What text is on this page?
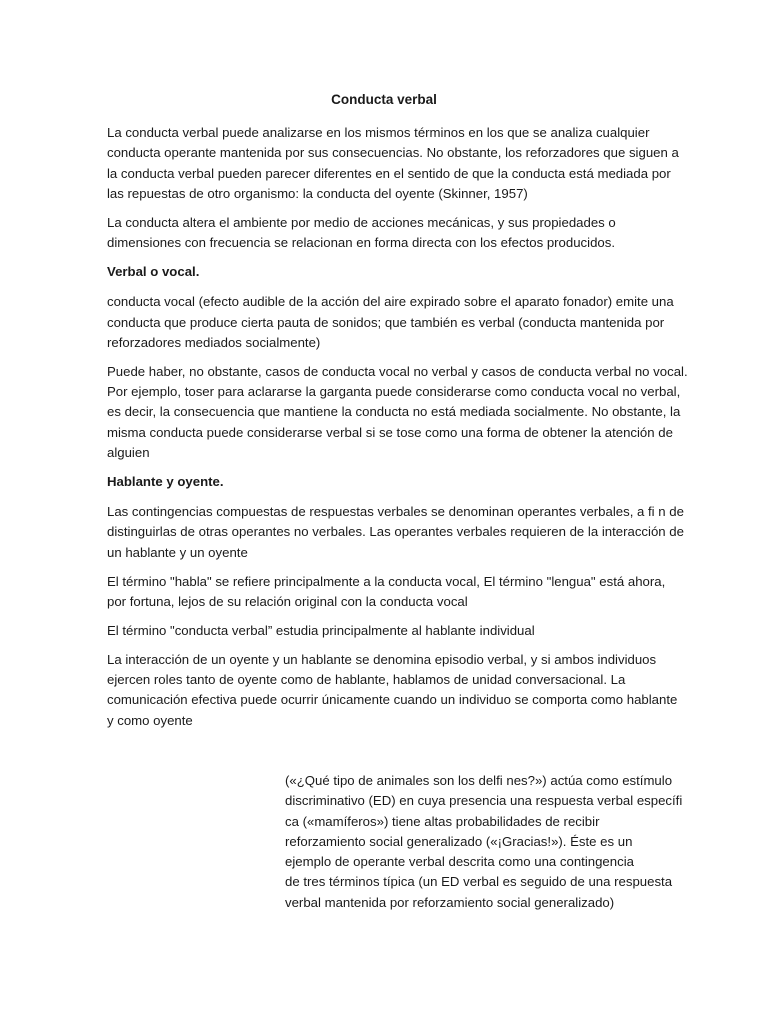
Conducta verbal

La conducta verbal puede analizarse en los mismos términos en los que se analiza cualquier
conducta operante mantenida por sus consecuencias. No obstante, los reforzadores que siguen a
la conducta verbal pueden parecer diferentes en el sentido de que la conducta está mediada por
las repuestas de otro organismo: la conducta del oyente (Skinner, 1957)

La conducta altera el ambiente por medio de acciones mecánicas, y sus propiedades o
dimensiones con frecuencia se relacionan en forma directa con los efectos producidos.

Verbal o vocal.

conducta vocal (efecto audible de la acción del aire expirado sobre el aparato fonador) emite una
conducta que produce cierta pauta de sonidos; que también es verbal (conducta mantenida por
reforzadores mediados socialmente)

Puede haber, no obstante, casos de conducta vocal no verbal y casos de conducta verbal no vocal.
Por ejemplo, toser para aclararse la garganta puede considerarse como conducta vocal no verbal,
es decir, la consecuencia que mantiene la conducta no está mediada socialmente. No obstante, la
misma conducta puede considerarse verbal si se tose como una forma de obtener la atención de
alguien

Hablante y oyente.

Las contingencias compuestas de respuestas verbales se denominan operantes verbales, a fi n de
distinguirlas de otras operantes no verbales. Las operantes verbales requieren de la interacción de
un hablante y un oyente

El término "habla" se refiere principalmente a la conducta vocal, El término "lengua" está ahora,
por fortuna, lejos de su relación original con la conducta vocal

El término "conducta verbal” estudia principalmente al hablante individual

La interacción de un oyente y un hablante se denomina episodio verbal, y si ambos individuos
ejercen roles tanto de oyente como de hablante, hablamos de unidad conversacional. La
comunicación efectiva puede ocurrir únicamente cuando un individuo se comporta como hablante
y como oyente

(«¿Qué tipo de animales son los delfi nes?») actúa como estímulo
discriminativo (ED) en cuya presencia una respuesta verbal específi
ca («mamíferos») tiene altas probabilidades de recibir
reforzamiento social generalizado («¡Gracias!»). Éste es un
ejemplo de operante verbal descrita como una contingencia
de tres términos típica (un ED verbal es seguido de una respuesta
verbal mantenida por reforzamiento social generalizado)
